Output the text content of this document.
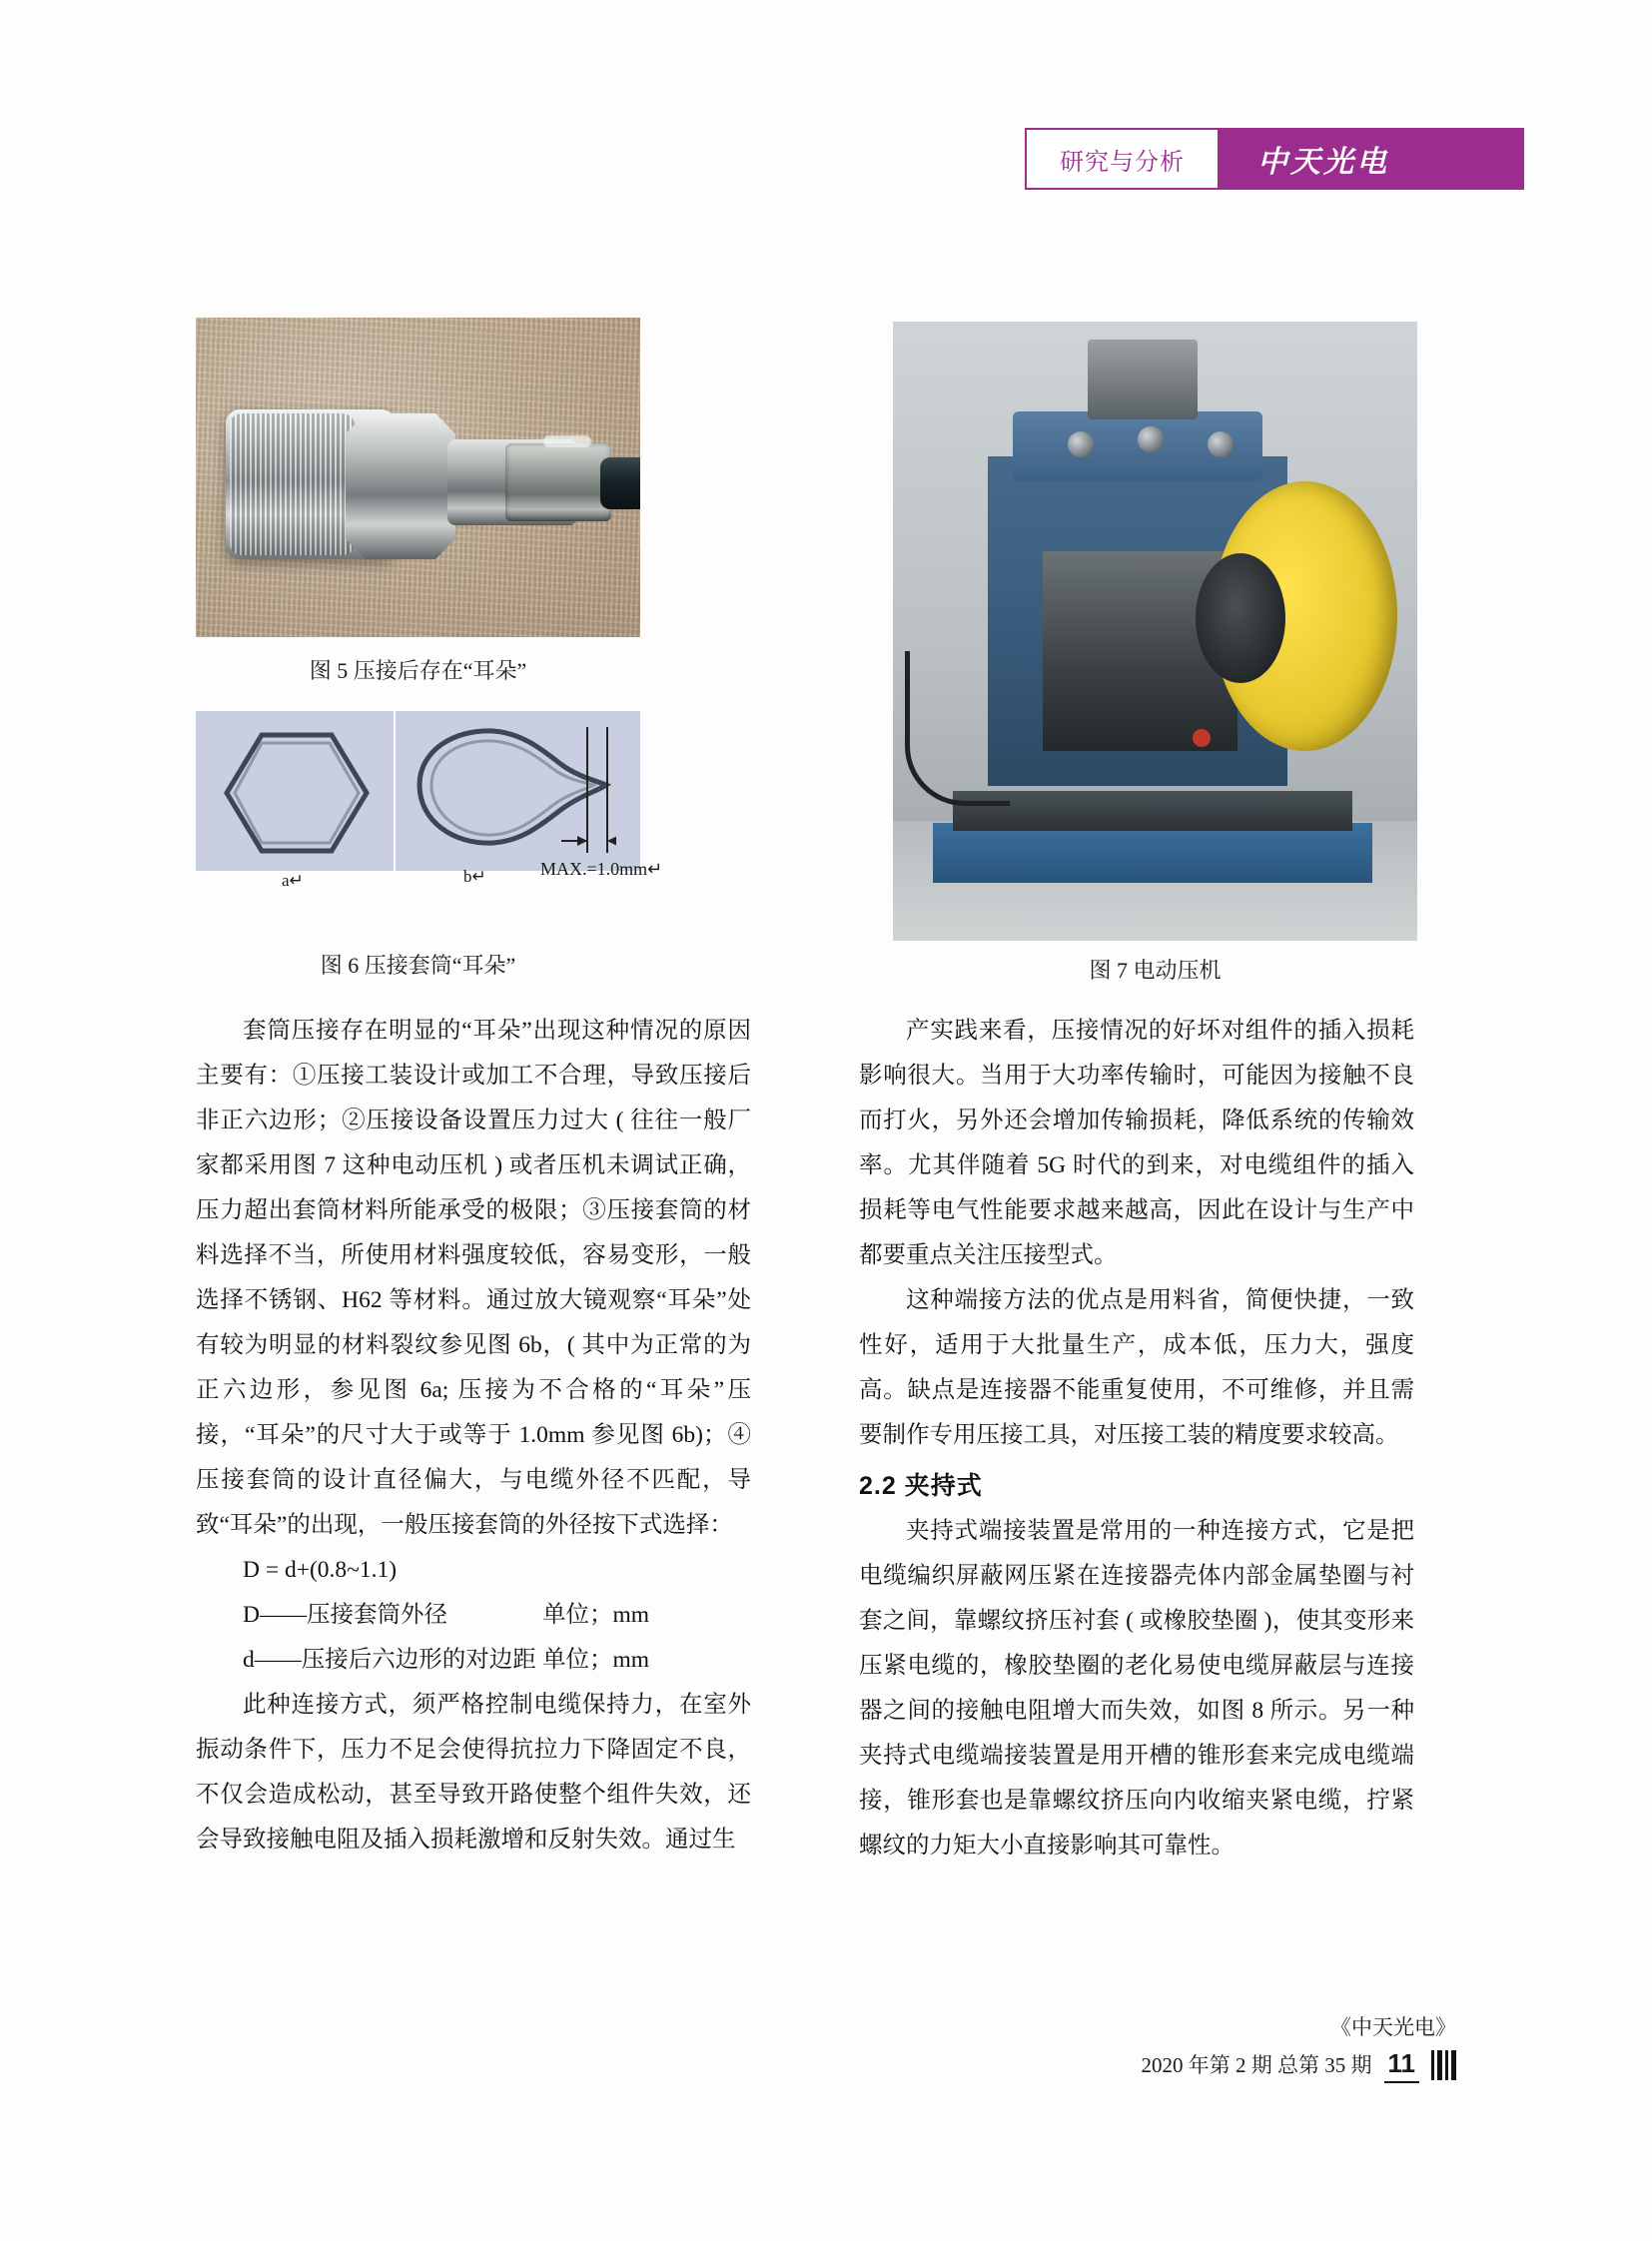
研究与分析 中天光电
图 5 压接后存在“耳朵”
a↵	b↵	MAX.=1.0mm↵
图 6 压接套筒“耳朵”	图 7 电动压机

套筒压接存在明显的“耳朵”出现这种情况的原因主要有：①压接工装设计或加工不合理，导致压接后非正六边形；②压接设备设置压力过大 ( 往往一般厂家都采用图 7 这种电动压机 ) 或者压机未调试正确，压力超出套筒材料所能承受的极限；③压接套筒的材料选择不当，所使用材料强度较低，容易变形，一般选择不锈钢、H62 等材料。通过放大镜观察“耳朵”处有较为明显的材料裂纹参见图 6b，( 其中为正常的为正六边形，参见图 6a; 压接为不合格的“耳朵”压接，“耳朵”的尺寸大于或等于 1.0mm 参见图 6b)；④压接套筒的设计直径偏大，与电缆外径不匹配，导致“耳朵”的出现，一般压接套筒的外径按下式选择：

D = d+(0.8~1.1)

D——压接套筒外径	单位；mm
d——压接后六边形的对边距 单位；mm

此种连接方式，须严格控制电缆保持力，在室外振动条件下，压力不足会使得抗拉力下降固定不良，不仅会造成松动，甚至导致开路使整个组件失效，还会导致接触电阻及插入损耗激增和反射失效。通过生

产实践来看，压接情况的好坏对组件的插入损耗影响很大。当用于大功率传输时，可能因为接触不良而打火，另外还会增加传输损耗，降低系统的传输效率。尤其伴随着 5G 时代的到来，对电缆组件的插入损耗等电气性能要求越来越高，因此在设计与生产中都要重点关注压接型式。

这种端接方法的优点是用料省，简便快捷，一致性好，适用于大批量生产，成本低，压力大，强度高。缺点是连接器不能重复使用，不可维修，并且需要制作专用压接工具，对压接工装的精度要求较高。

2.2 夹持式

夹持式端接装置是常用的一种连接方式，它是把电缆编织屏蔽网压紧在连接器壳体内部金属垫圈与衬套之间，靠螺纹挤压衬套 ( 或橡胶垫圈 )，使其变形来压紧电缆的，橡胶垫圈的老化易使电缆屏蔽层与连接器之间的接触电阻增大而失效，如图 8 所示。另一种夹持式电缆端接装置是用开槽的锥形套来完成电缆端接，锥形套也是靠螺纹挤压向内收缩夹紧电缆，拧紧螺纹的力矩大小直接影响其可靠性。

《中天光电》
2020 年第 2 期 总第 35 期 11
